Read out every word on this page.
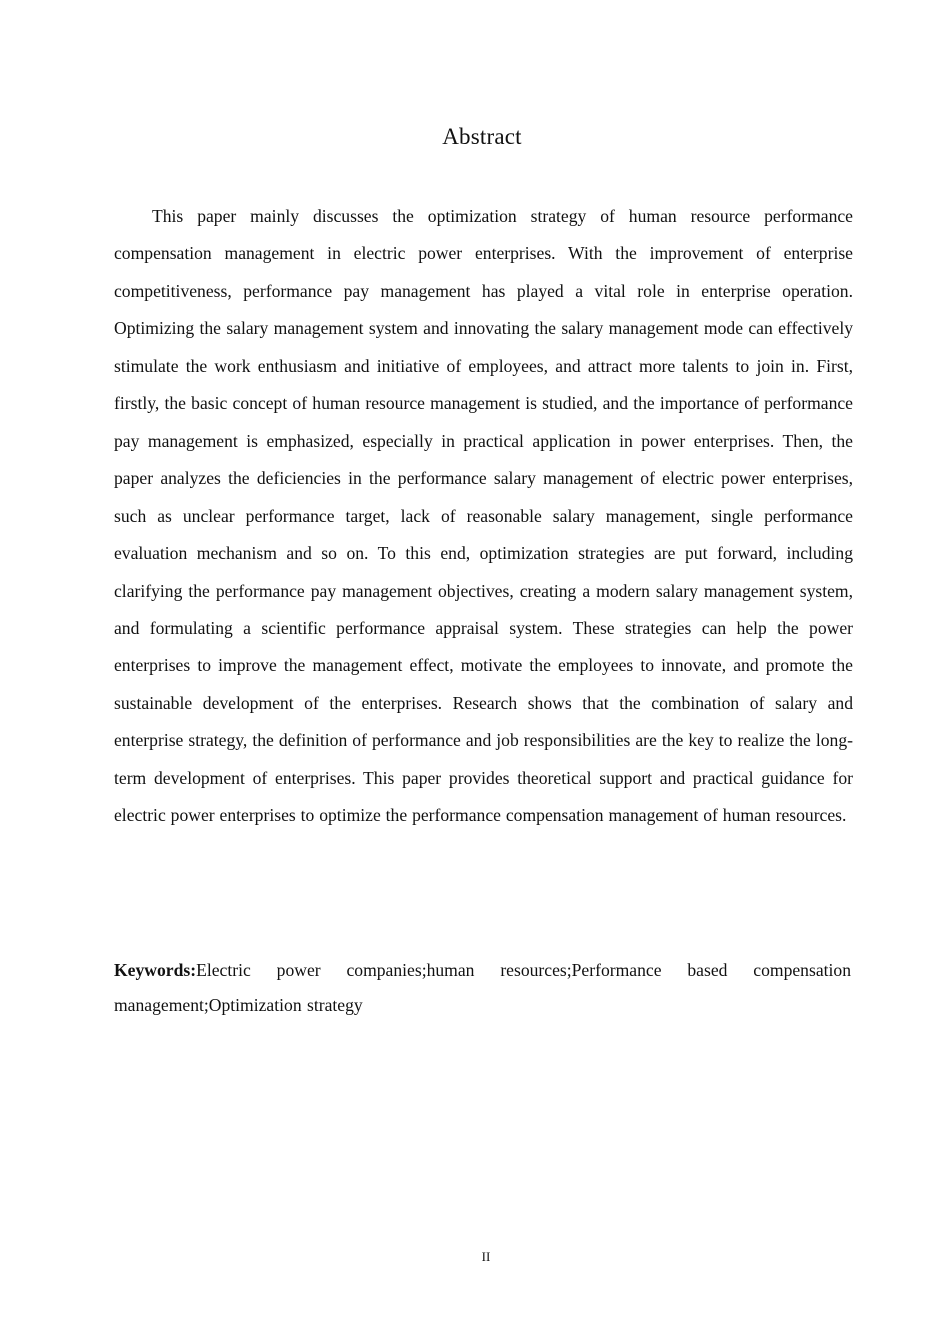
Abstract

This paper mainly discusses the optimization strategy of human resource performance compensation management in electric power enterprises. With the improvement of enterprise competitiveness, performance pay management has played a vital role in enterprise operation. Optimizing the salary management system and innovating the salary management mode can effectively stimulate the work enthusiasm and initiative of employees, and attract more talents to join in. First, firstly, the basic concept of human resource management is studied, and the importance of performance pay management is emphasized, especially in practical application in power enterprises. Then, the paper analyzes the deficiencies in the performance salary management of electric power enterprises, such as unclear performance target, lack of reasonable salary management, single performance evaluation mechanism and so on. To this end, optimization strategies are put forward, including clarifying the performance pay management objectives, creating a modern salary management system, and formulating a scientific performance appraisal system. These strategies can help the power enterprises to improve the management effect, motivate the employees to innovate, and promote the sustainable development of the enterprises. Research shows that the combination of salary and enterprise strategy, the definition of performance and job responsibilities are the key to realize the long-term development of enterprises. This paper provides theoretical support and practical guidance for electric power enterprises to optimize the performance compensation management of human resources.

Keywords:Electric power companies;human resources;Performance based compensation management;Optimization strategy

II
